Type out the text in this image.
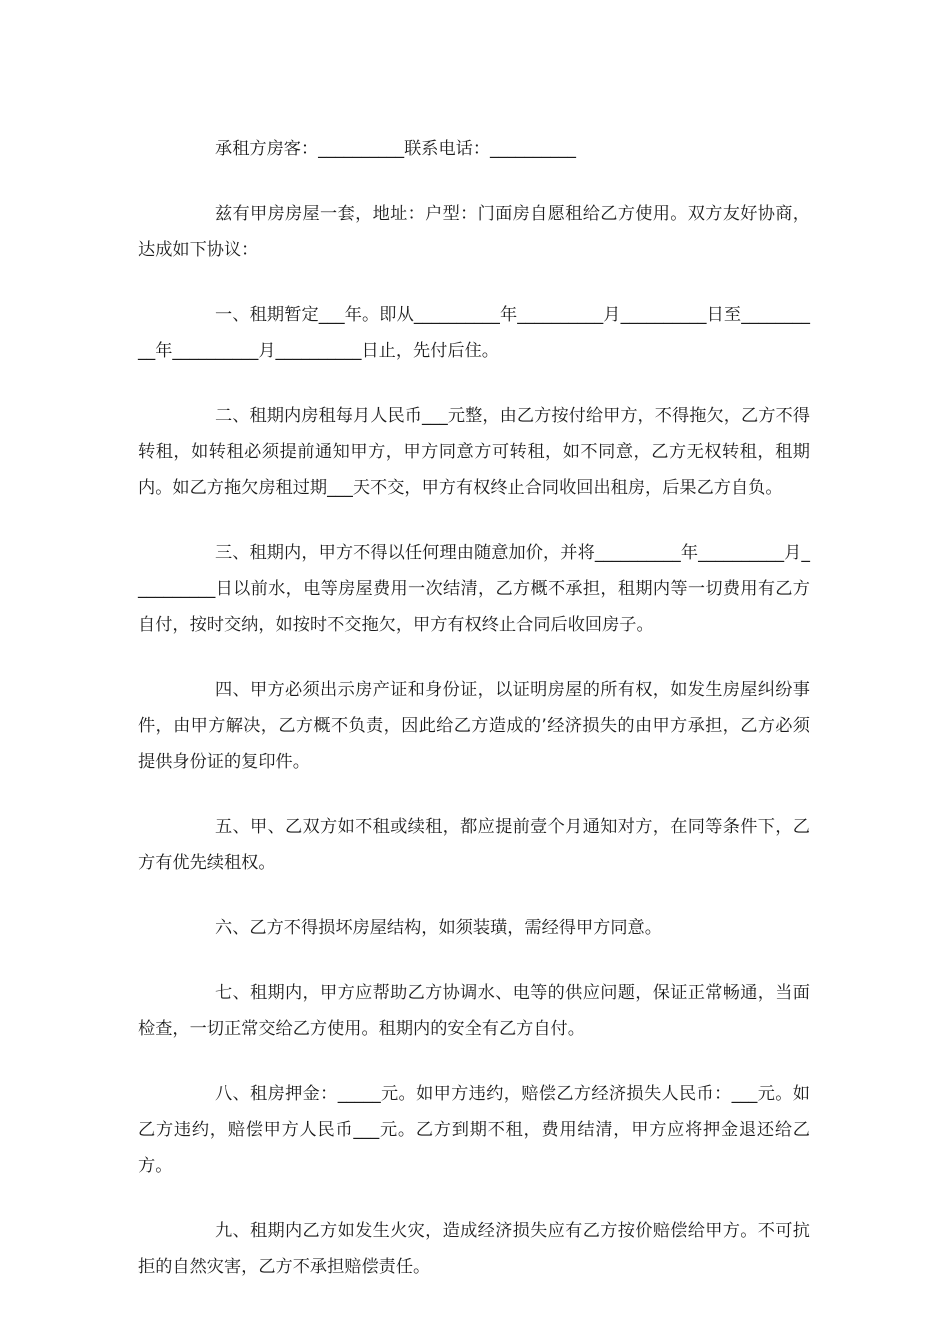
承租方房客：__________联系电话：__________

兹有甲房房屋一套，地址：户型：门面房自愿租给乙方使用。双方友好协商，达成如下协议：

一、租期暂定___年。即从__________年__________月__________日至__________年__________月__________日止，先付后住。

二、租期内房租每月人民币___元整，由乙方按付给甲方，不得拖欠，乙方不得转租，如转租必须提前通知甲方，甲方同意方可转租，如不同意，乙方无权转租，租期内。如乙方拖欠房租过期___天不交，甲方有权终止合同收回出租房，后果乙方自负。

三、租期内，甲方不得以任何理由随意加价，并将__________年__________月__________日以前水，电等房屋费用一次结清，乙方概不承担，租期内等一切费用有乙方自付，按时交纳，如按时不交拖欠，甲方有权终止合同后收回房子。

四、甲方必须出示房产证和身份证，以证明房屋的所有权，如发生房屋纠纷事件，由甲方解决，乙方概不负责，因此给乙方造成的’经济损失的由甲方承担，乙方必须提供身份证的复印件。

五、甲、乙双方如不租或续租，都应提前壹个月通知对方，在同等条件下，乙方有优先续租权。

六、乙方不得损坏房屋结构，如须装璜，需经得甲方同意。

七、租期内，甲方应帮助乙方协调水、电等的供应问题，保证正常畅通，当面检查，一切正常交给乙方使用。租期内的安全有乙方自付。

八、租房押金：_____元。如甲方违约，赔偿乙方经济损失人民币：___元。如乙方违约，赔偿甲方人民币___元。乙方到期不租，费用结清，甲方应将押金退还给乙方。

九、租期内乙方如发生火灾，造成经济损失应有乙方按价赔偿给甲方。不可抗拒的自然灾害，乙方不承担赔偿责任。
